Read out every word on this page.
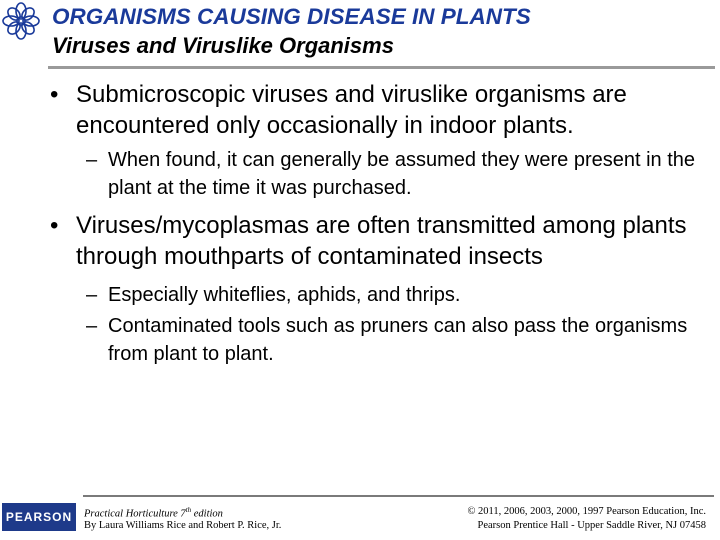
ORGANISMS CAUSING DISEASE IN PLANTS
Viruses and Viruslike Organisms
• Submicroscopic viruses and viruslike organisms are encountered only occasionally in indoor plants.
– When found, it can generally be assumed they were present in the plant at the time it was purchased.
• Viruses/mycoplasmas are often transmitted among plants through mouthparts of contaminated insects
– Especially whiteflies, aphids, and thrips.
– Contaminated tools such as pruners can also pass the organisms from plant to plant.
PEARSON	Practical Horticulture 7th edition
By Laura Williams Rice and Robert P. Rice, Jr.
© 2011, 2006, 2003, 2000, 1997 Pearson Education, Inc.
Pearson Prentice Hall - Upper Saddle River, NJ 07458
